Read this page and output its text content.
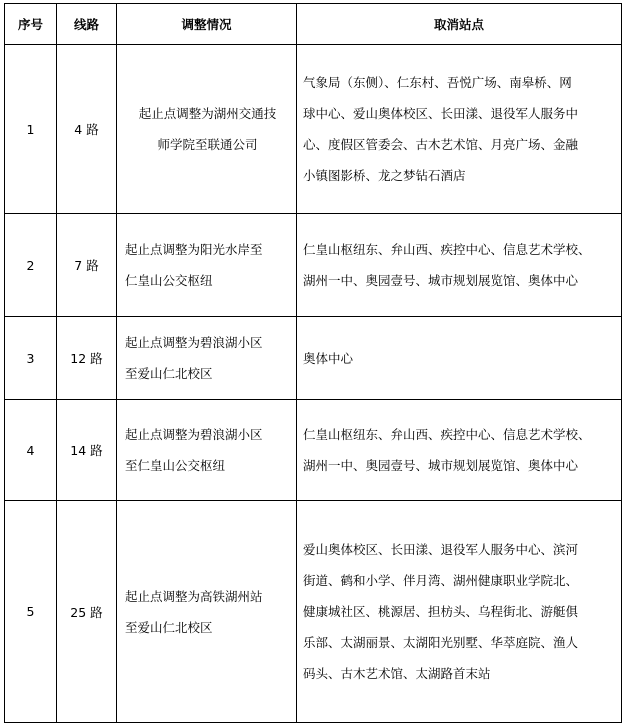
序号	线路	调整情况	取消站点
1	4 路	起止点调整为湖州交通技
师学院至联通公司	气象局（东侧）、仁东村、吾悦广场、南皋桥、网
球中心、爱山奥体校区、长田漾、退役军人服务中
心、度假区管委会、古木艺术馆、月亮广场、金融
小镇图影桥、龙之梦钻石酒店

2	7 路	起止点调整为阳光水岸至
仁皇山公交枢纽	仁皇山枢纽东、弁山西、疾控中心、信息艺术学校、
湖州一中、奥园壹号、城市规划展览馆、奥体中心

3	12 路	起止点调整为碧浪湖小区
至爱山仁北校区	奥体中心

4	14 路	起止点调整为碧浪湖小区
至仁皇山公交枢纽	仁皇山枢纽东、弁山西、疾控中心、信息艺术学校、
湖州一中、奥园壹号、城市规划展览馆、奥体中心

5	25 路	起止点调整为高铁湖州站
至爱山仁北校区	爱山奥体校区、长田漾、退役军人服务中心、滨河
街道、鹤和小学、伴月湾、湖州健康职业学院北、
健康城社区、桃源居、担枋头、乌程街北、游艇俱
乐部、太湖丽景、太湖阳光别墅、华萃庭院、渔人
码头、古木艺术馆、太湖路首末站
